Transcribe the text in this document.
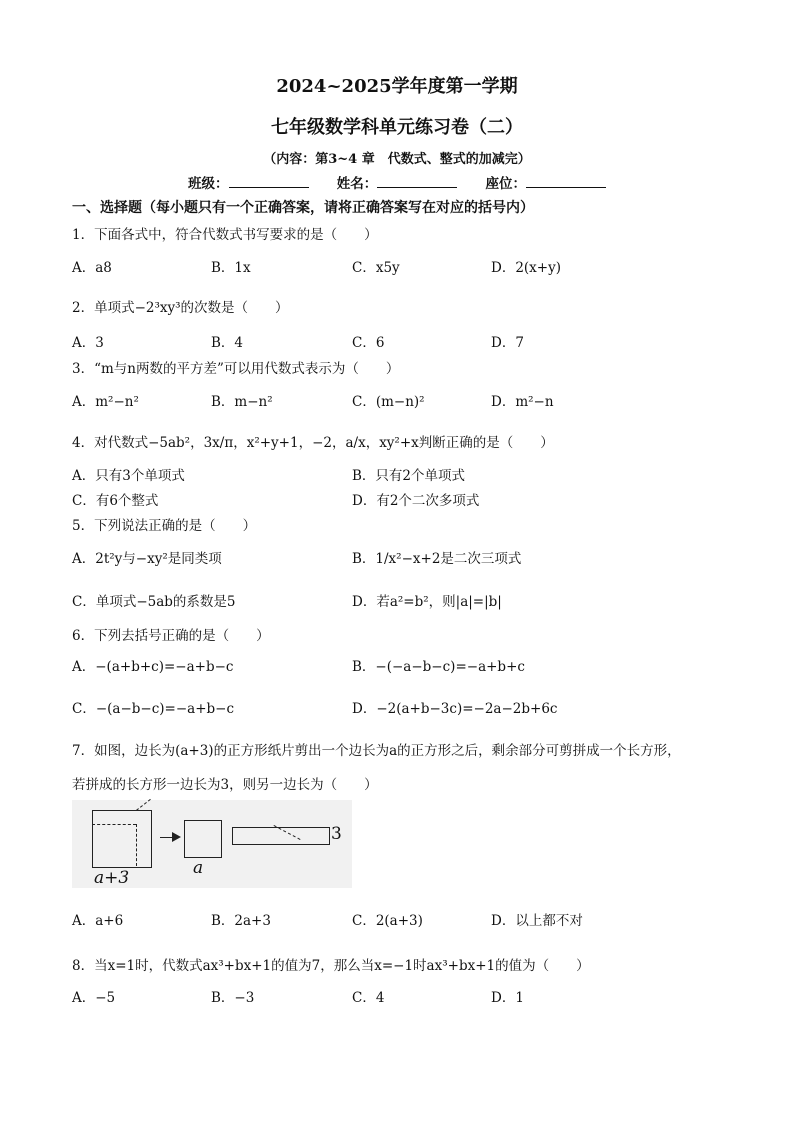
2024~2025学年度第一学期
七年级数学科单元练习卷（二）
（内容：第3~4 章　代数式、整式的加减完）
班级：	姓名：	座位：
一、选择题（每小题只有一个正确答案，请将正确答案写在对应的括号内）
1．下面各式中，符合代数式书写要求的是（　　）
A．a8	B．1x	C．x5y	D．2(x+y)
2．单项式−2³xy³的次数是（　　）
A．3	B．4	C．6	D．7
3．“m与n两数的平方差”可以用代数式表示为（　　）
A．m²−n²	B．m−n²	C．(m−n)²	D．m²−n
4．对代数式−5ab²，3x/π，x²+y+1，−2，a/x，xy²+x判断正确的是（　　）
A．只有3个单项式	B．只有2个单项式
C．有6个整式	D．有2个二次多项式
5．下列说法正确的是（　　）
A．2t²y与−xy²是同类项	B．1/x²−x+2是二次三项式
C．单项式−5ab的系数是5	D．若a²=b²，则|a|=|b|
6．下列去括号正确的是（　　）
A．−(a+b+c)=−a+b−c	B．−(−a−b−c)=−a+b+c
C．−(a−b−c)=−a+b−c	D．−2(a+b−3c)=−2a−2b+6c
7．如图，边长为(a+3)的正方形纸片剪出一个边长为a的正方形之后，剩余部分可剪拼成一个长方形，
若拼成的长方形一边长为3，则另一边长为（　　）
a+3	a
3
A．a+6	B．2a+3	C．2(a+3)	D．以上都不对
8．当x=1时，代数式ax³+bx+1的值为7，那么当x=−1时ax³+bx+1的值为（　　）
A．−5	B．−3	C．4	D．1
